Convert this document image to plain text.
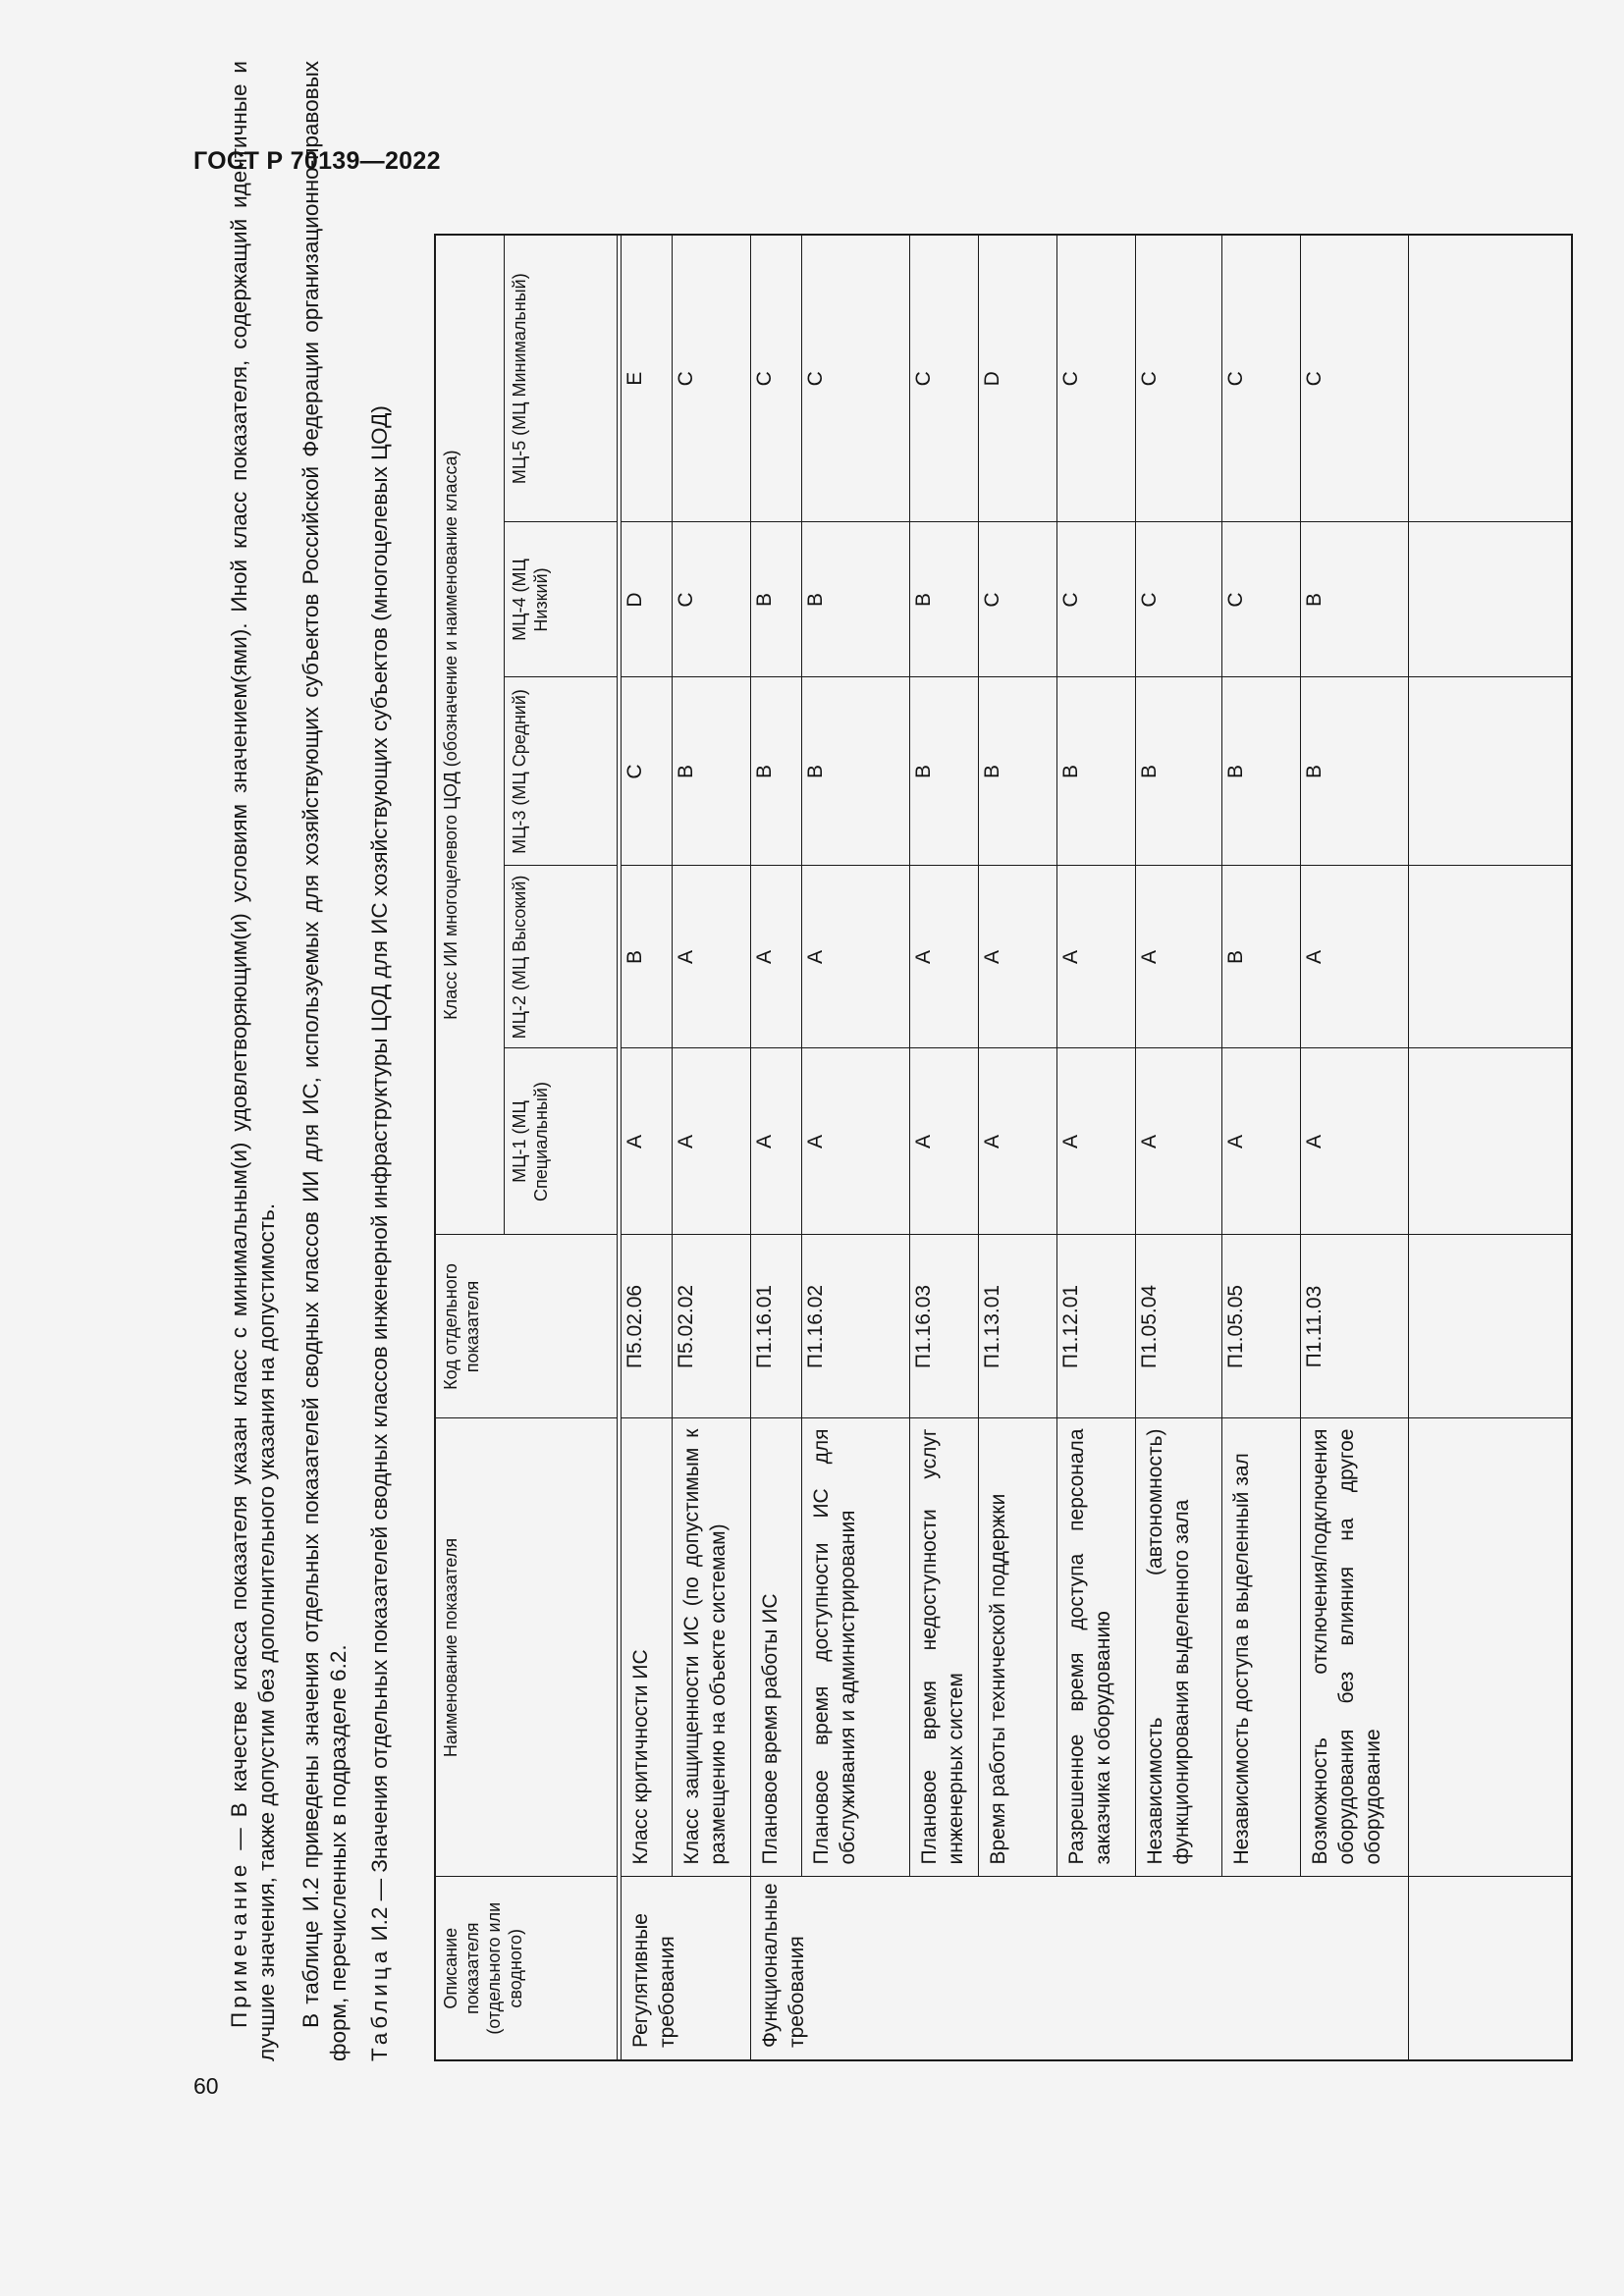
ГОСТ Р 70139—2022
60

Примечание — В качестве класса показателя указан класс с минимальным(и) удовлетворяющим(и) условиям значением(ями). Иной класс показателя, содержащий идентичные и лучшие значения, также допустим без дополнительного указания на допустимость. В таблице И.2 приведены значения отдельных показателей сводных классов ИИ для ИС, используемых для хозяйствующих субъектов Российской Федерации организационно-правовых форм, перечисленных в подразделе 6.2. Таблица И.2 — Значения отдельных показателей сводных классов инженерной инфраструктуры ЦОД для ИС хозяйствующих субъектов (многоцелевых ЦОД)

Описание показателя (отдельного или сводного)	Наименование показателя	Код отдельного показателя	Класс ИИ многоцелевого ЦОД (обозначение и наименование класса)				

			МЦ-1 (МЦ Специальный)	МЦ-2 (МЦ Высокий)	МЦ-3 (МЦ Средний)	МЦ-4 (МЦ Низкий)	МЦ-5 (МЦ Минимальный)

Регулятивные требования	Класс критичности ИС	П5.02.06	A	B	C	D	E

	Класс защищенности ИС (по допустимым к размещению на объекте системам)	П5.02.02	A	A	B	C	C

Функциональные требования	Плановое время работы ИС	П1.16.01	A	A	B	B	C

	Плановое время доступности ИС для обслуживания и администрирования	П1.16.02	A	A	B	B	C

	Плановое время недоступности услуг инженерных систем	П1.16.03	A	A	B	B	C

	Время работы технической поддержки	П1.13.01	A	A	B	C	D

	Разрешенное время доступа персонала заказчика к оборудованию	П1.12.01	A	A	B	C	C

	Независимость (автономность) функционирования выделенного зала	П1.05.04	A	A	B	C	C

	Независимость доступа в выделенный зал	П1.05.05	A	B	B	C	C

	Возможность отключения/подключения оборудования без влияния на другое оборудование	П1.11.03	A	A	B	B	C
